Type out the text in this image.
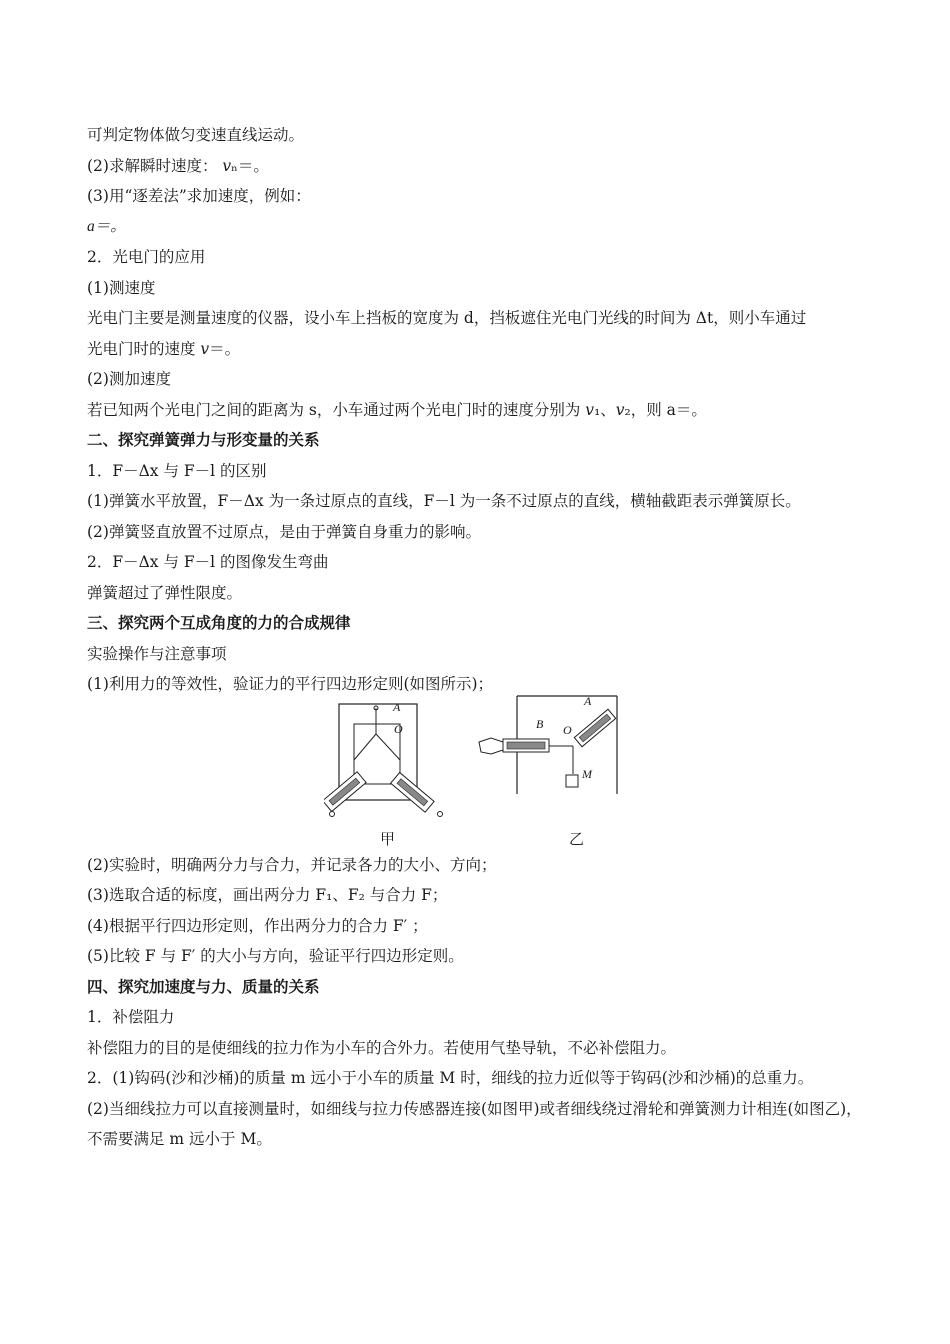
可判定物体做匀变速直线运动。
(2)求解瞬时速度： 𝑣ₙ＝。
(3)用“逐差法”求加速度，例如：
a＝。
2．光电门的应用
(1)测速度
光电门主要是测量速度的仪器，设小车上挡板的宽度为 d，挡板遮住光电门光线的时间为 Δt，则小车通过
光电门时的速度 𝑣＝。
(2)测加速度
若已知两个光电门之间的距离为 s，小车通过两个光电门时的速度分别为 𝑣₁、𝑣₂，则 a＝。
二、探究弹簧弹力与形变量的关系
1．F－Δx 与 F－l 的区别
(1)弹簧水平放置，F－Δx 为一条过原点的直线，F－l 为一条不过原点的直线，横轴截距表示弹簧原长。
(2)弹簧竖直放置不过原点，是由于弹簧自身重力的影响。
2．F－Δx 与 F－l 的图像发生弯曲
弹簧超过了弹性限度。
三、探究两个互成角度的力的合成规律
实验操作与注意事项
(1)利用力的等效性，验证力的平行四边形定则(如图所示)；
A
O
甲
A
B O
M
乙
(2)实验时，明确两分力与合力，并记录各力的大小、方向；
(3)选取合适的标度，画出两分力 F₁、F₂ 与合力 F；
(4)根据平行四边形定则，作出两分力的合力 F′ ；
(5)比较 F 与 F′ 的大小与方向，验证平行四边形定则。
四、探究加速度与力、质量的关系
1．补偿阻力
补偿阻力的目的是使细线的拉力作为小车的合外力。若使用气垫导轨，不必补偿阻力。
2．(1)钩码(沙和沙桶)的质量 m 远小于小车的质量 M 时，细线的拉力近似等于钩码(沙和沙桶)的总重力。
(2)当细线拉力可以直接测量时，如细线与拉力传感器连接(如图甲)或者细线绕过滑轮和弹簧测力计相连(如图乙)，不需要满足 m 远小于 M。
